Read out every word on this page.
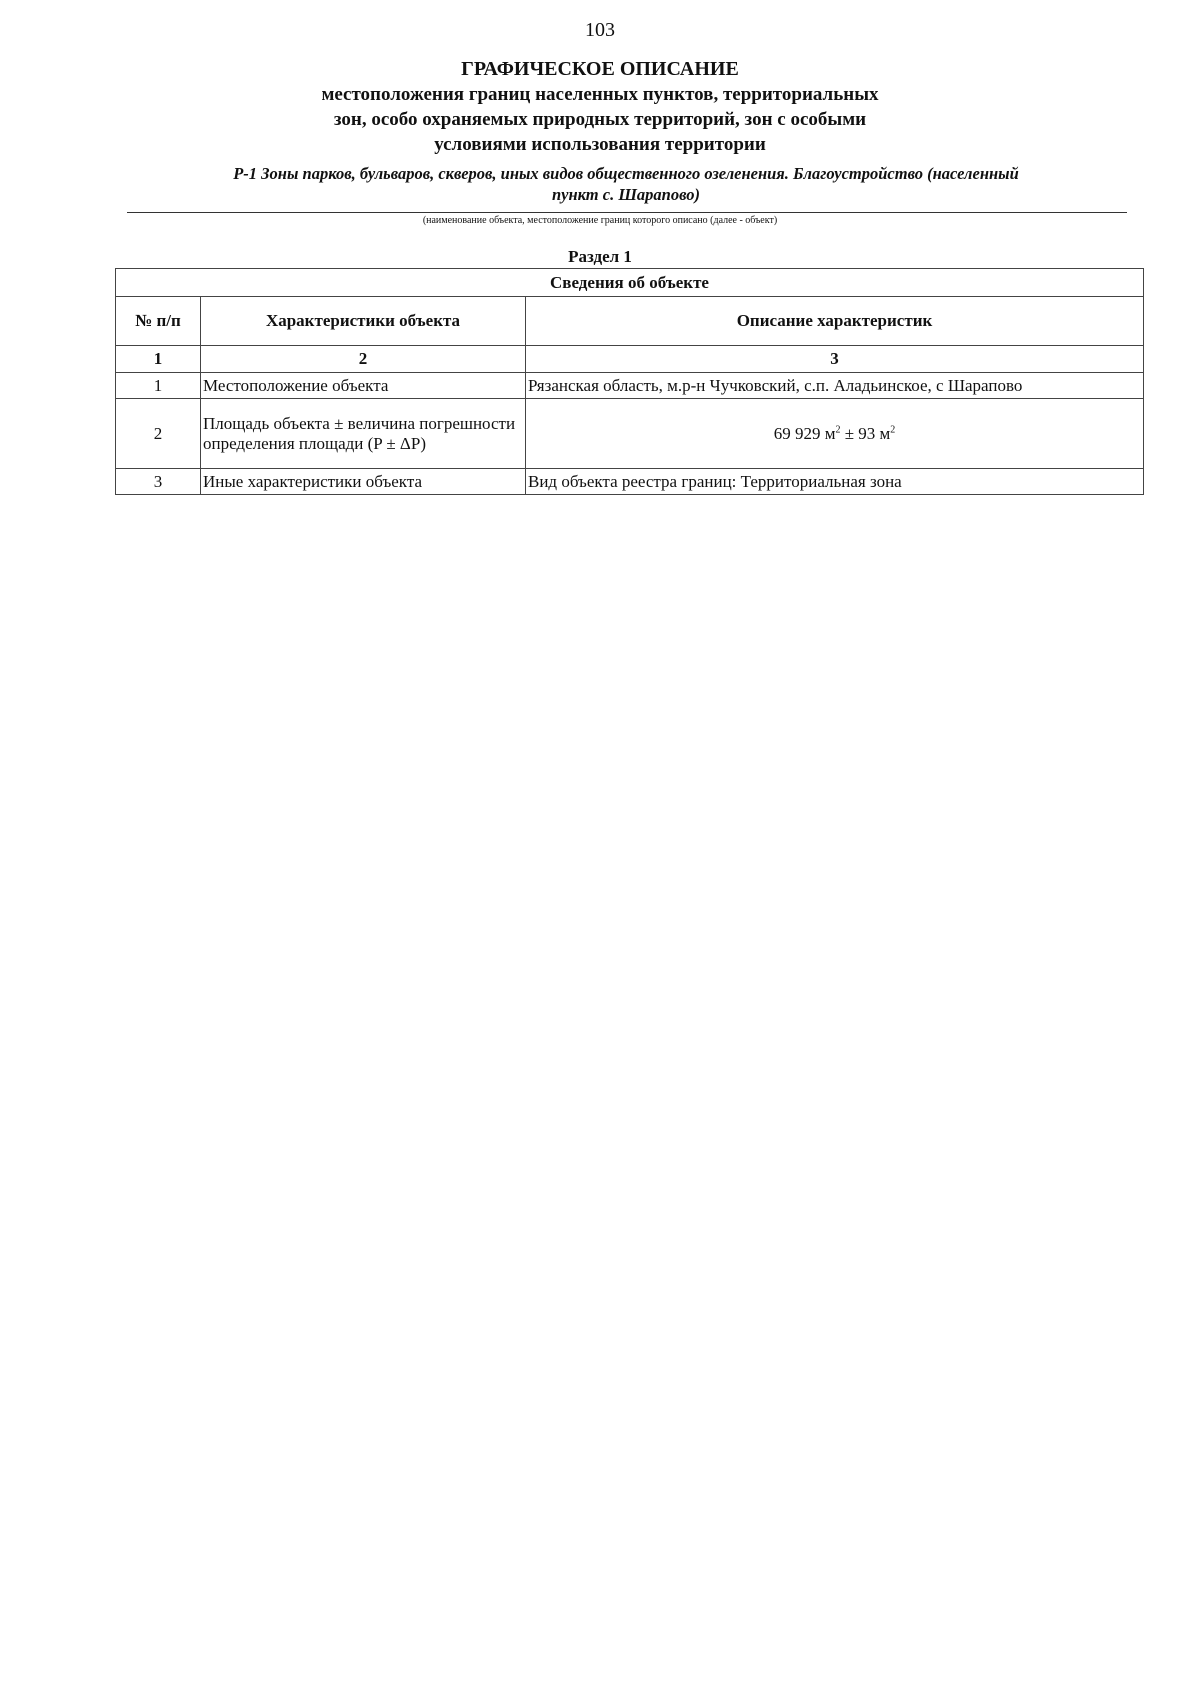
103
ГРАФИЧЕСКОЕ ОПИСАНИЕ
местоположения границ населенных пунктов, территориальных
зон, особо охраняемых природных территорий, зон с особыми
условиями использования территории
Р-1 Зоны парков, бульваров, скверов, иных видов общественного озеленения. Благоустройство (населенный
пункт с. Шарапово)
(наименование объекта, местоположение границ которого описано (далее - объект)
Раздел 1
Сведения об объекте		
№ п/п	Характеристики объекта	Описание характеристик
1	2	3
1	Местоположение объекта	Рязанская область, м.р-н Чучковский, с.п. Аладьинское, с Шарапово
2	Площадь объекта ± величина погрешности определения площади (P ± ΔP)	69 929 $м^2 \pm 93$ $м^2$
3	Иные характеристики объекта	Вид объекта реестра границ: Территориальная зона
